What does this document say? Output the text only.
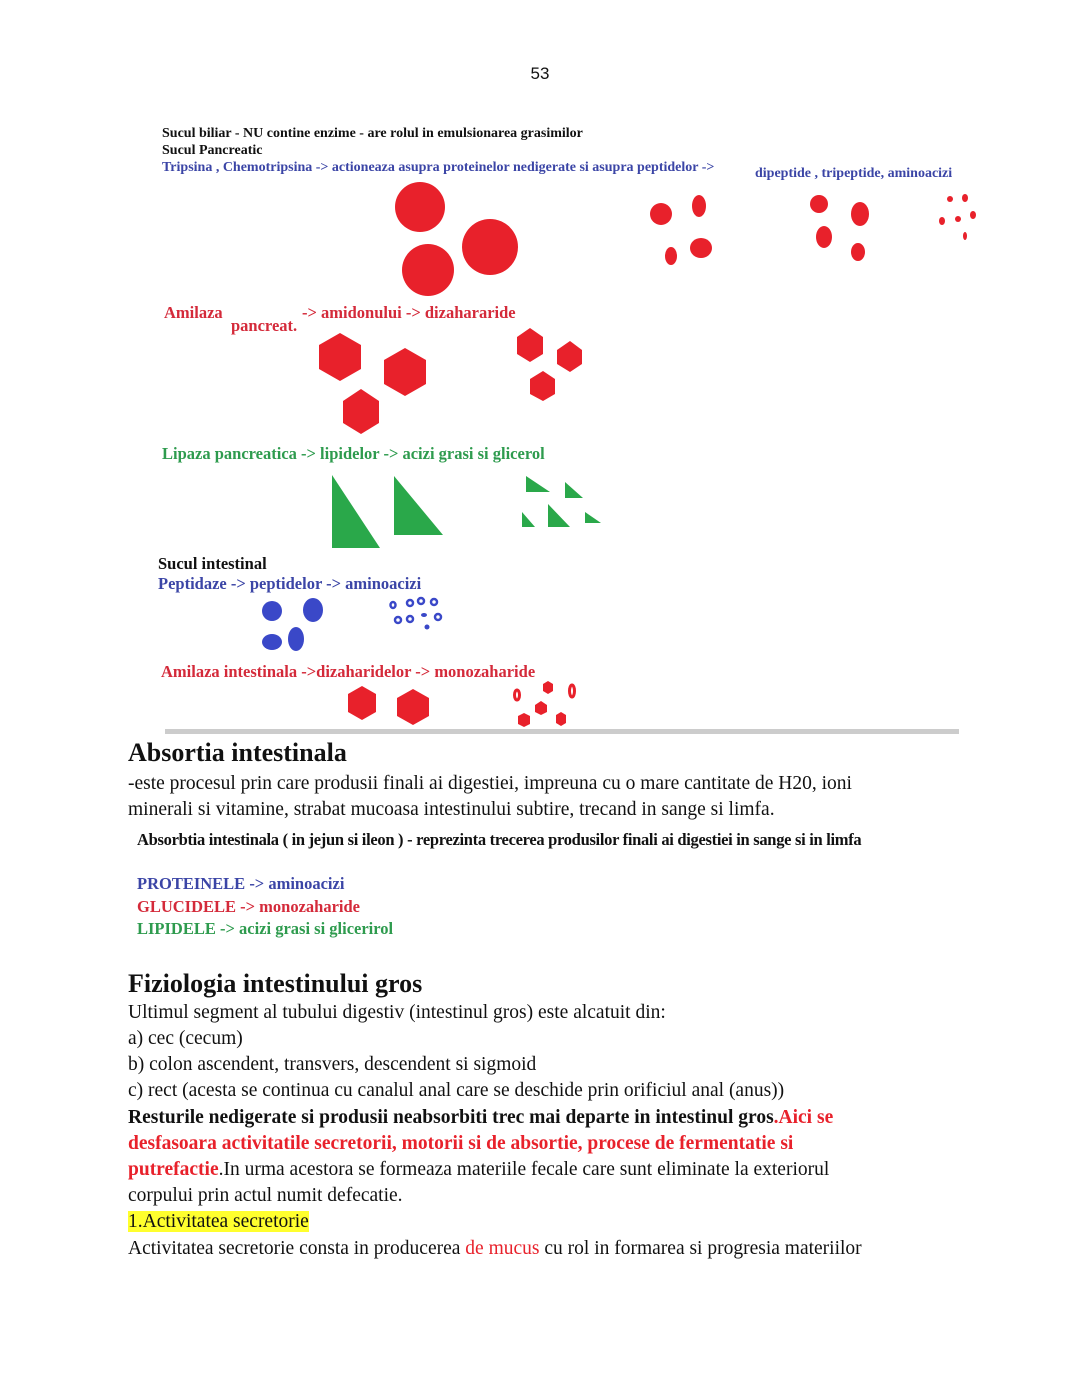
53
Sucul biliar - NU contine enzime - are rolul in emulsionarea grasimilor
Sucul Pancreatic
Tripsina , Chemotripsina -> actioneaza asupra proteinelor nedigerate si asupra peptidelor ->	dipeptide , tripeptide, aminoacizi
Amilaza
pancreat.
-> amidonului -> dizahararide
Lipaza pancreatica -> lipidelor -> acizi grasi si glicerol
Sucul intestinal
Peptidaze -> peptidelor -> aminoacizi
Amilaza intestinala ->dizaharidelor -> monozaharide
Absortia intestinala
-este procesul prin care produsii finali ai digestiei, impreuna cu o mare cantitate de H20, ioni
minerali si vitamine, strabat mucoasa intestinului subtire, trecand in sange si limfa.
Absorbtia intestinala ( in jejun si ileon ) - reprezinta trecerea produsilor finali ai digestiei in sange si in limfa
PROTEINELE -> aminoacizi
GLUCIDELE -> monozaharide
LIPIDELE -> acizi grasi si glicerirol
Fiziologia intestinului gros
Ultimul segment al tubului digestiv (intestinul gros) este alcatuit din:
a) cec (cecum)
b) colon ascendent, transvers, descendent si sigmoid
c) rect (acesta se continua cu canalul anal care se deschide prin orificiul anal (anus))
Resturile nedigerate si produsii neabsorbiti trec mai departe in intestinul gros.Aici se
desfasoara activitatile secretorii, motorii si de absortie, procese de fermentatie si
putrefactie.In urma acestora se formeaza materiile fecale care sunt eliminate la exteriorul
corpului prin actul numit defecatie.
1.Activitatea secretorie
Activitatea secretorie consta in producerea de mucus cu rol in formarea si progresia materiilor
